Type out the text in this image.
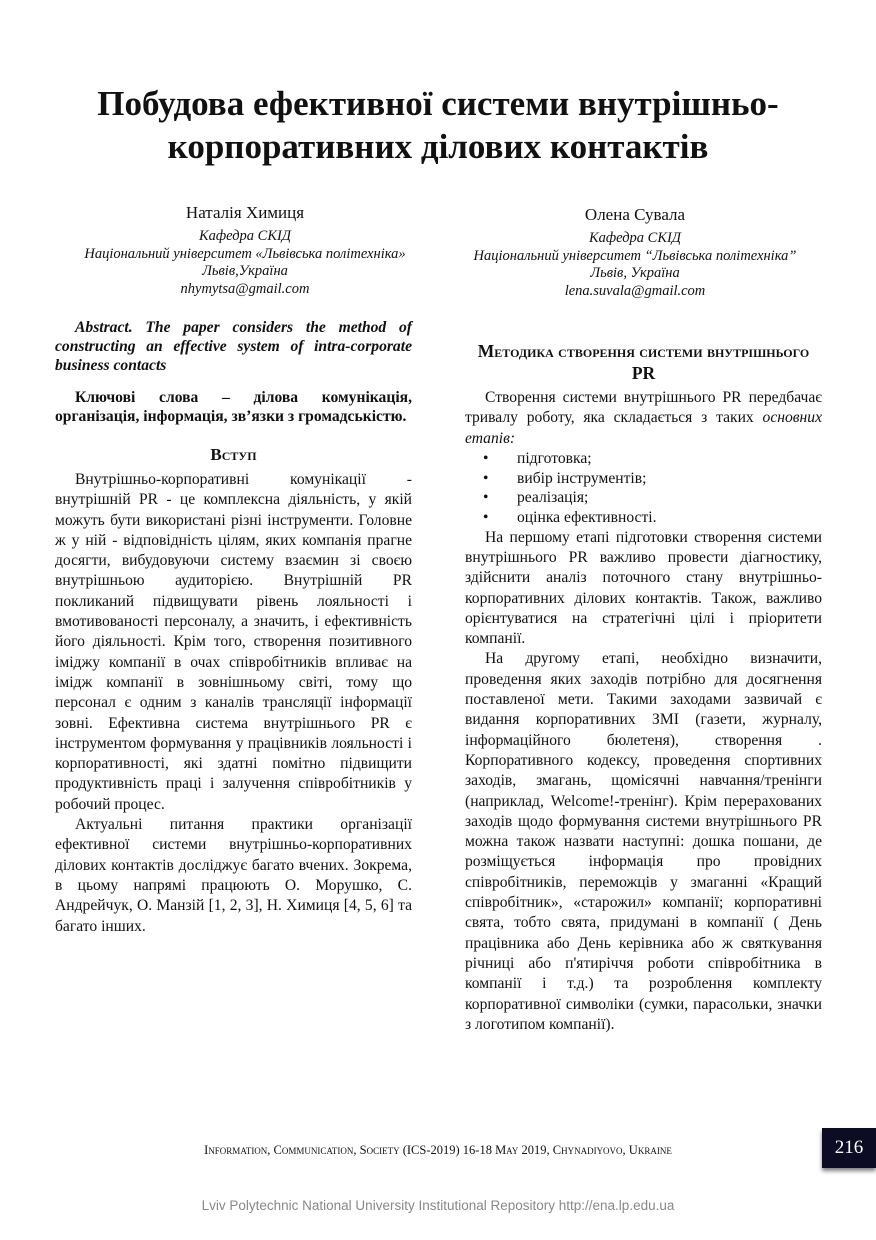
Побудова ефективної системи внутрішньо-корпоративних ділових контактів
Наталія Химиця
Кафедра СКІД
Національний університет «Львівська політехніка»
Львів,Україна
nhymytsa@gmail.com
Олена Сувала
Кафедра СКІД
Національний університет “Львівська політехніка”
Львів, Україна
lena.suvala@gmail.com

Abstract. The paper considers the method of constructing an effective system of intra-corporate business contacts

Ключові слова – ділова комунікація, організація, інформація, зв’язки з громадськістю.

Вступ

Внутрішньо-корпоративні комунікації - внутрішній PR - це комплексна діяльність, у якій можуть бути використані різні інструменти. Головне ж у ній - відповідність цілям, яких компанія прагне досягти, вибудовуючи систему взаємин зі своєю внутрішньою аудиторією. Внутрішній PR покликаний підвищувати рівень лояльності і вмотивованості персоналу, а значить, і ефективність його діяльності. Крім того, створення позитивного іміджу компанії в очах співробітників впливає на імідж компанії в зовнішньому світі, тому що персонал є одним з каналів трансляції інформації зовні. Ефективна система внутрішнього PR є інструментом формування у працівників лояльності і корпоративності, які здатні помітно підвищити продуктивність праці і залучення співробітників у робочий процес.

Актуальні питання практики організації ефективної системи внутрішньо-корпоративних ділових контактів досліджує багато вчених. Зокрема, в цьому напрямі працюють О. Морушко, С. Андрейчук, О. Манзій [1, 2, 3], Н. Химиця [4, 5, 6] та багато інших.

Методика створення системи внутрішнього PR

Створення системи внутрішнього PR передбачає тривалу роботу, яка складається з таких основних етапів:

• підготовка;
• вибір інструментів;
• реалізація;
• оцінка ефективності.

На першому етапі підготовки створення системи внутрішнього PR важливо провести діагностику, здійснити аналіз поточного стану внутрішньо-корпоративних ділових контактів. Також, важливо орієнтуватися на стратегічні цілі і пріоритети компанії.

На другому етапі, необхідно визначити, проведення яких заходів потрібно для досягнення поставленої мети. Такими заходами зазвичай є видання корпоративних ЗМІ (газети, журналу, інформаційного бюлетеня), створення . Корпоративного кодексу, проведення спортивних заходів, змагань, щомісячні навчання/тренінги (наприклад, Welcome!-тренінг). Крім перерахованих заходів щодо формування системи внутрішнього PR можна також назвати наступні: дошка пошани, де розміщується інформація про провідних співробітників, переможців у змаганні «Кращий співробітник», «старожил» компанії; корпоративні свята, тобто свята, придумані в компанії ( День працівника або День керівника або ж святкування річниці або п'ятиріччя роботи співробітника в компанії і т.д.) та розроблення комплекту корпоративної символіки (сумки, парасольки, значки з логотипом компанії).

Information, Communication, Society (ICS-2019) 16-18 May 2019, Chynadiyovo, Ukraine	216
Lviv Polytechnic National University Institutional Repository http://ena.lp.edu.ua
